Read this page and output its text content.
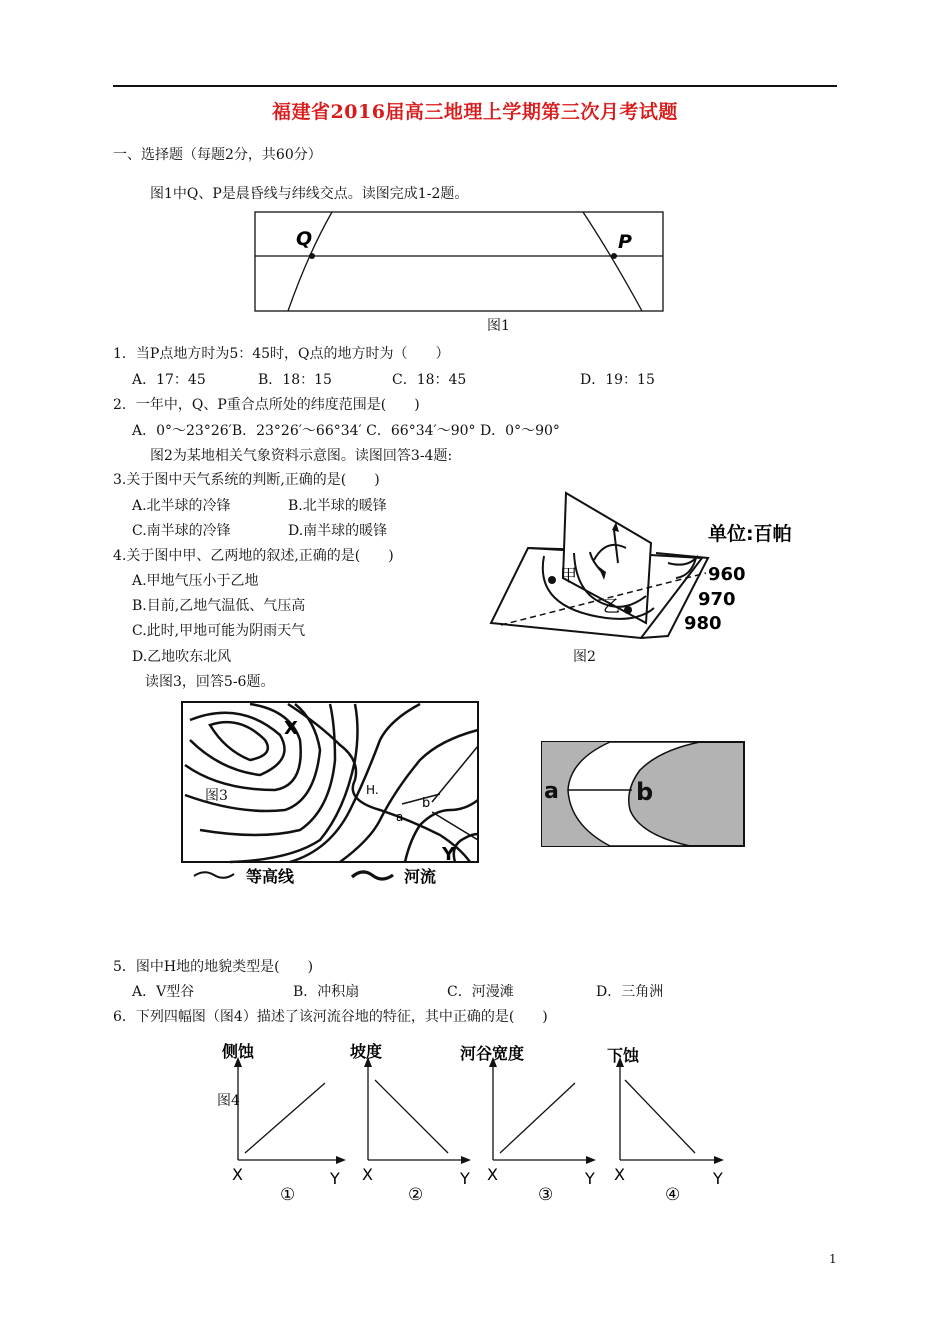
福建省2016届高三地理上学期第三次月考试题
一、选择题（每题2分，共60分）
图1中Q、P是晨昏线与纬线交点。读图完成1-2题。
Q	P
图1
1．当P点地方时为5：45时，Q点的地方时为（　　）
A．17：45	B．18：15	C．18：45	D．19：15
2．一年中，Q、P重合点所处的纬度范围是(　　)
A．0°～23°26′B．23°26′～66°34′ C．66°34′～90° D．0°～90°
图2为某地相关气象资料示意图。读图回答3-4题:
3.关于图中天气系统的判断,正确的是(　　)
A.北半球的冷锋	B.北半球的暖锋
C.南半球的冷锋	D.南半球的暖锋
4.关于图中甲、乙两地的叙述,正确的是(　　)
A.甲地气压小于乙地
B.目前,乙地气温低、气压高
C.此时,甲地可能为阴雨天气
D.乙地吹东北风
甲
乙
单位:百帕
960
970
980
图2
读图3，回答5-6题。
X
Y
H.
a
b
图3
等高线	河流
a	b
5．图中H地的地貌类型是(　　)
A．V型谷	B．冲积扇	C．河漫滩	D．三角洲
6．下列四幅图（图4）描述了该河流谷地的特征，其中正确的是(　　)
侧蚀
X	Y
①
坡度
X	Y
②
河谷宽度
X	Y
③
下蚀
X	Y
④
图4
1
